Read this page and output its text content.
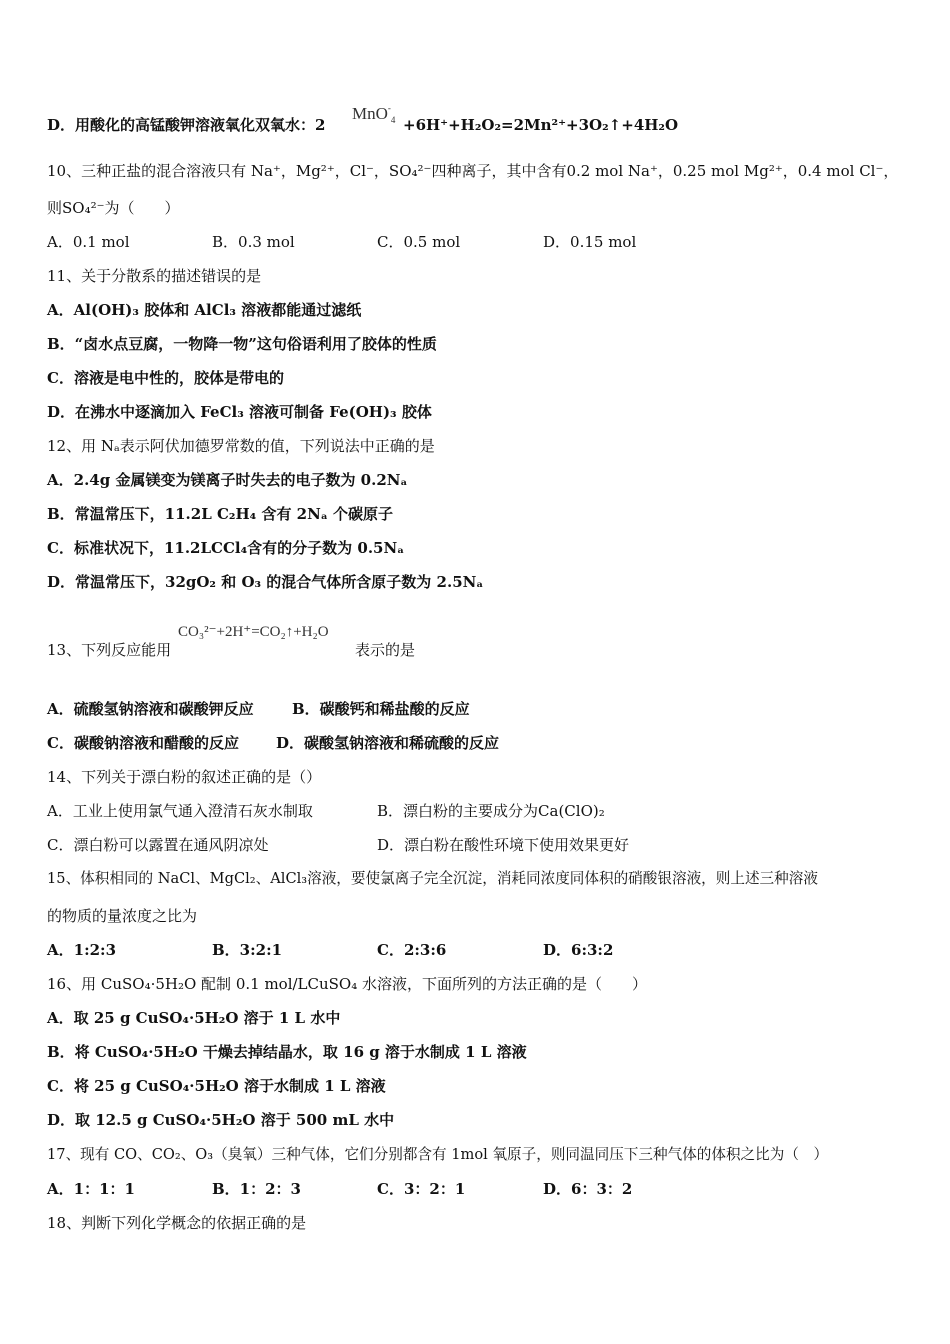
D．用酸化的高锰酸钾溶液氧化双氧水：2
MnO-$_4$ +6H⁺+H₂O₂=2Mn²⁺+3O₂↑+4H₂O
10、三种正盐的混合溶液只有 Na⁺，Mg²⁺，Cl⁻，SO₄²⁻四种离子，其中含有0.2 mol Na⁺，0.25 mol Mg²⁺，0.4 mol Cl⁻，
则SO₄²⁻为（　　）
A．0.1 mol	B．0.3 mol	C．0.5 mol	D．0.15 mol
11、关于分散系的描述错误的是
A．Al(OH)₃ 胶体和 AlCl₃ 溶液都能通过滤纸
B．“卤水点豆腐，一物降一物”这句俗语利用了胶体的性质
C．溶液是电中性的，胶体是带电的
D．在沸水中逐滴加入 FeCl₃ 溶液可制备 Fe(OH)₃ 胶体
12、用 Nₐ表示阿伏加德罗常数的值，下列说法中正确的是
A．2.4g 金属镁变为镁离子时失去的电子数为 0.2Nₐ
B．常温常压下，11.2L C₂H₄ 含有 2Nₐ 个碳原子
C．标准状况下，11.2LCCl₄含有的分子数为 0.5Nₐ
D．常温常压下，32gO₂ 和 O₃ 的混合气体所含原子数为 2.5Nₐ
CO₃²⁻+2H⁺=CO₂↑+H₂O
13、下列反应能用	表示的是
A．硫酸氢钠溶液和碳酸钾反应	B．碳酸钙和稀盐酸的反应
C．碳酸钠溶液和醋酸的反应 D．碳酸氢钠溶液和稀硫酸的反应
14、下列关于漂白粉的叙述正确的是（）
A．工业上使用氯气通入澄清石灰水制取	B．漂白粉的主要成分为Ca(ClO)₂
C．漂白粉可以露置在通风阴凉处	D．漂白粉在酸性环境下使用效果更好
15、体积相同的 NaCl、MgCl₂、AlCl₃溶液，要使氯离子完全沉淀，消耗同浓度同体积的硝酸银溶液，则上述三种溶液
的物质的量浓度之比为
A．1:2:3	B．3:2:1	C．2:3:6	D．6:3:2
16、用 CuSO₄·5H₂O 配制 0.1 mol/LCuSO₄ 水溶液，下面所列的方法正确的是（　　）
A．取 25 g CuSO₄·5H₂O 溶于 1 L 水中
B．将 CuSO₄·5H₂O 干燥去掉结晶水，取 16 g 溶于水制成 1 L 溶液
C．将 25 g CuSO₄·5H₂O 溶于水制成 1 L 溶液
D．取 12.5 g CuSO₄·5H₂O 溶于 500 mL 水中
17、现有 CO、CO₂、O₃（臭氧）三种气体，它们分别都含有 1mol 氧原子，则同温同压下三种气体的体积之比为（　）
A．1：1：1	B．1：2：3	C．3：2：1	D．6：3：2
18、判断下列化学概念的依据正确的是
